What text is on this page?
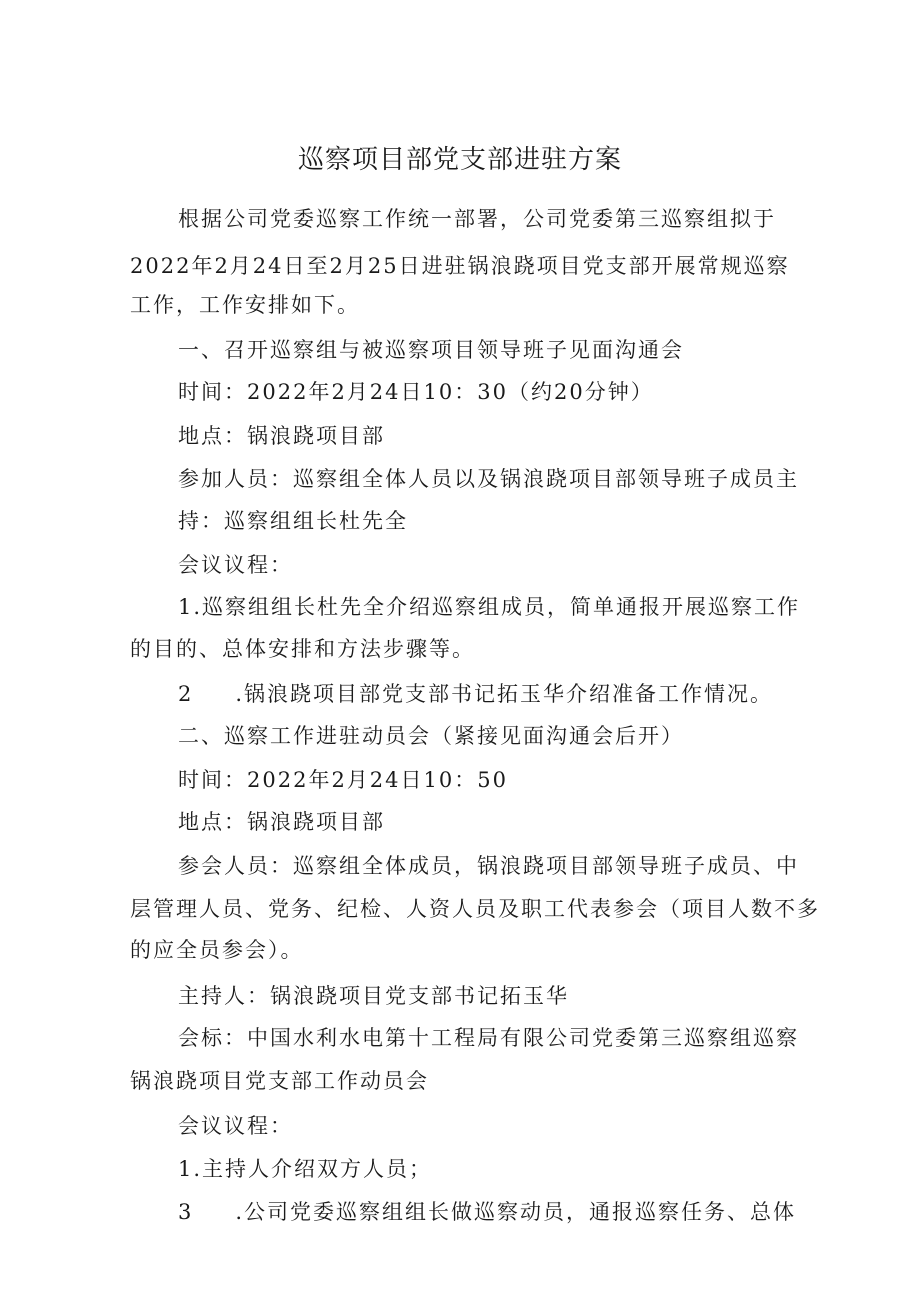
巡察项目部党支部进驻方案
根据公司党委巡察工作统一部署，公司党委第三巡察组拟于
2022年2月24日至2月25日进驻锅浪跷项目党支部开展常规巡察
工作，工作安排如下。
一、召开巡察组与被巡察项目领导班子见面沟通会
时间：2022年2月24日10：30（约20分钟）
地点：锅浪跷项目部
参加人员：巡察组全体人员以及锅浪跷项目部领导班子成员主
持：巡察组组长杜先全
会议议程：
1.巡察组组长杜先全介绍巡察组成员，简单通报开展巡察工作
的目的、总体安排和方法步骤等。
2 .锅浪跷项目部党支部书记拓玉华介绍准备工作情况。
二、巡察工作进驻动员会（紧接见面沟通会后开）
时间：2022年2月24日10：50
地点：锅浪跷项目部
参会人员：巡察组全体成员，锅浪跷项目部领导班子成员、中
层管理人员、党务、纪检、人资人员及职工代表参会（项目人数不多
的应全员参会）。
主持人：锅浪跷项目党支部书记拓玉华
会标：中国水利水电第十工程局有限公司党委第三巡察组巡察
锅浪跷项目党支部工作动员会
会议议程：
1.主持人介绍双方人员；
3 .公司党委巡察组组长做巡察动员，通报巡察任务、总体
